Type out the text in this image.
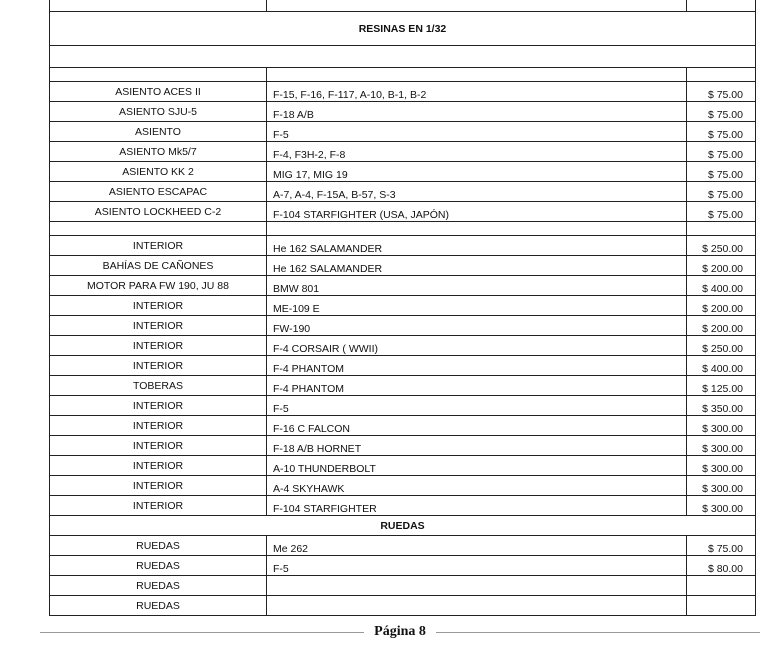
RESINAS EN 1/32
ASIENTO ACES II	F-15, F-16, F-117, A-10, B-1, B-2	$ 75.00
ASIENTO SJU-5	F-18 A/B	$ 75.00
ASIENTO	F-5	$ 75.00
ASIENTO Mk5/7	F-4, F3H-2, F-8	$ 75.00
ASIENTO KK 2	MIG 17, MIG 19	$ 75.00
ASIENTO ESCAPAC	A-7, A-4, F-15A, B-57, S-3	$ 75.00
ASIENTO LOCKHEED C-2	F-104 STARFIGHTER (USA, JAPÓN)	$ 75.00
INTERIOR	He 162 SALAMANDER	$ 250.00
BAHÍAS DE CAÑONES	He 162 SALAMANDER	$ 200.00
MOTOR PARA FW 190, JU 88	BMW 801	$ 400.00
INTERIOR	ME-109 E	$ 200.00
INTERIOR	FW-190	$ 200.00
INTERIOR	F-4 CORSAIR ( WWII)	$ 250.00
INTERIOR	F-4 PHANTOM	$ 400.00
TOBERAS	F-4 PHANTOM	$ 125.00
INTERIOR	F-5	$ 350.00
INTERIOR	F-16 C FALCON	$ 300.00
INTERIOR	F-18 A/B HORNET	$ 300.00
INTERIOR	A-10 THUNDERBOLT	$ 300.00
INTERIOR	A-4 SKYHAWK	$ 300.00
INTERIOR	F-104 STARFIGHTER	$ 300.00
RUEDAS
RUEDAS	Me 262	$ 75.00
RUEDAS	F-5	$ 80.00
RUEDAS
RUEDAS
Página 8
